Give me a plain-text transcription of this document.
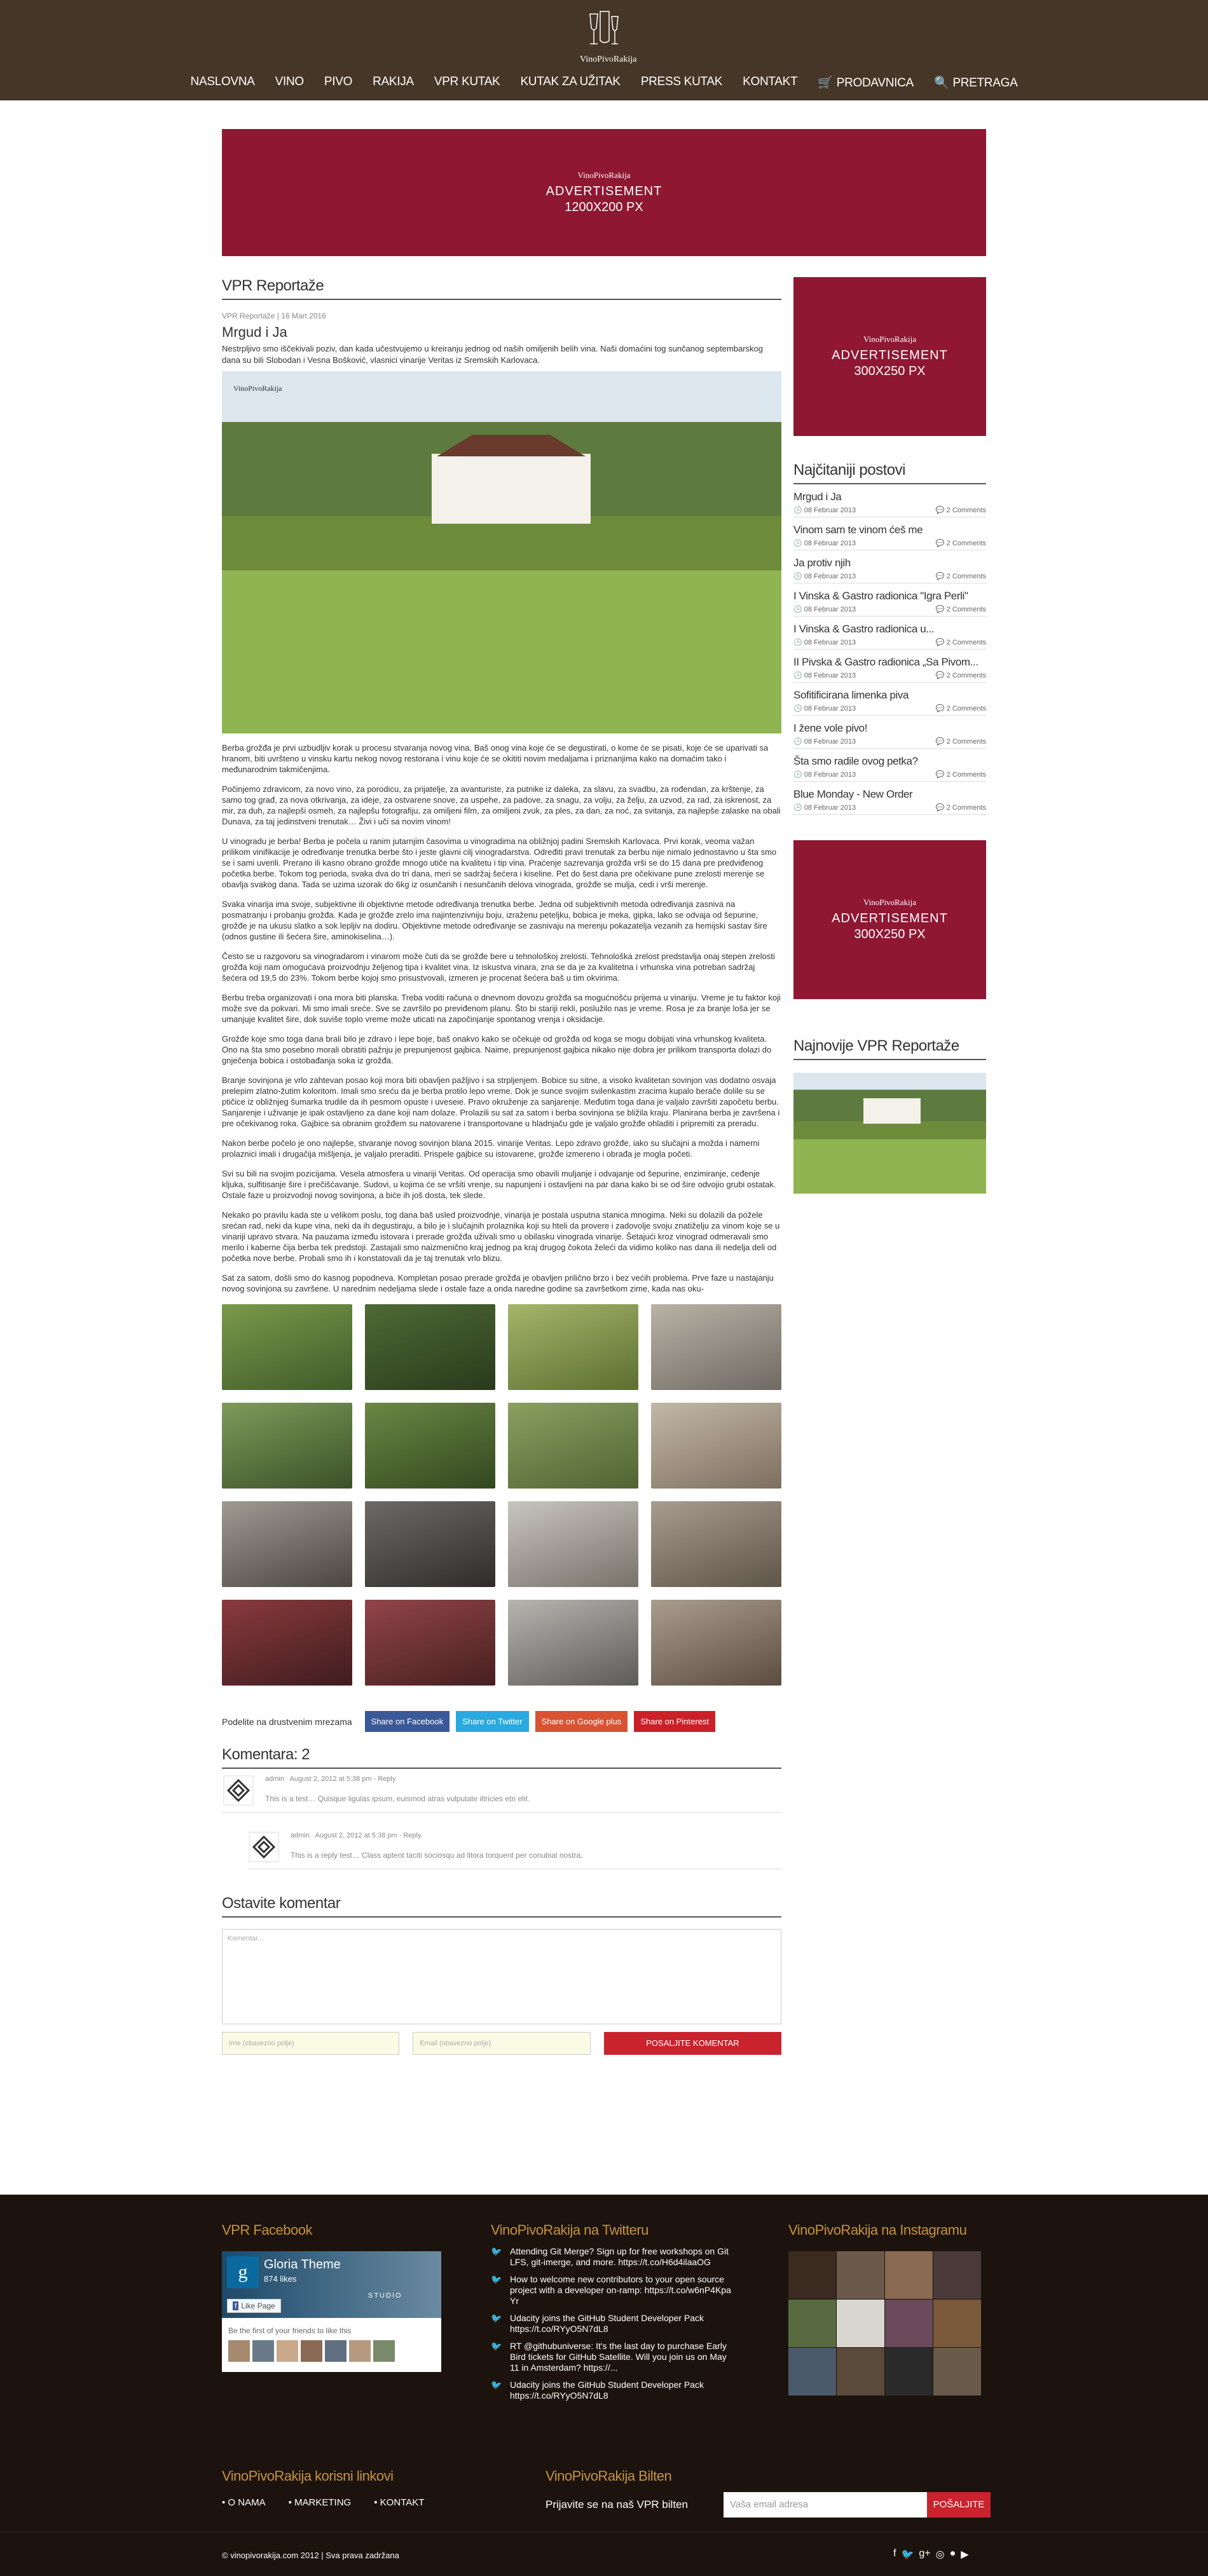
VinoPivoRakija
NASLOVNA	VINO	PIVO	RAKIJA	VPR KUTAK	KUTAK ZA UŽITAK	PRESS KUTAK	KONTAKT	🛒 PRODAVNICA	🔍 PRETRAGA
VinoPivoRakija
ADVERTISEMENT
1200X200 PX
VPR Reportaže
VPR Reportaže | 16 Mart 2016
Mrgud i Ja
Nestrpljivo smo iščekivali poziv, dan kada učestvujemo u kreiranju jednog od naših omiljenih belih vina. Naši domaćini tog sunčanog septembarskog dana su bili Slobodan i Vesna Bošković, vlasnici vinarije Veritas iz Sremskih Karlovaca.
VinoPivoRakija

Berba grožđa je prvi uzbudljiv korak u procesu stvaranja novog vina. Baš onog vina koje će se degustirati, o kome će se pisati, koje će se uparivati sa hranom, biti uvršteno u vinsku kartu nekog novog restorana i vinu koje će se okititi novim medaljama i priznanjima kako na domaćim tako i međunarodnim takmičenjima.

Počinjemo zdravicom, za novo vino, za porodicu, za prijatelje, za avanturiste, za putnike iz daleka, za slavu, za svadbu, za rođendan, za krštenje, za samo tog građ, za nova otkrivanja, za ideje, za ostvarene snove, za uspehe, za padove, za snagu, za volju, za želju, za uzvod, za rad, za iskrenost, za mir, za duh, za najlepši osmeh, za najlepšu fotografiju, za omiljeni film, za omiljeni zvuk, za ples, za dan, za noć, za svitanja, za najlepše zalaske na obali Dunava, za taj jedinstveni trenutak… Živi i uči sa novim vinom!

U vinogradu je berba! Berba je počela u ranim jutarnjim časovima u vinogradima na obližnjoj padini Sremskih Karlovaca. Prvi korak, veoma važan prilikom vinifikacije je određivanje trenutka berbe što i jeste glavni cilj vinogradarstva. Određiti pravi trenutak za berbu nije nimalo jednostavno u šta smo se i sami uverili. Preranо ili kasno obrano grožđe mnogo utiče na kvalitetu i tip vina. Praćenje sazrevanja grožđa vrši se do 15 dana pre predviđenog početka berbe. Tokom tog perioda, svaka dva do tri dana, meri se sadržaj šećera i kiseline. Pet do šest dana pre očekivane pune zrelosti merenje se obavlja svakog dana. Tada se uzima uzorak do 6kg iz osunčanih i nesunčanih delova vinograda, grožđe se muljа, cedi i vrši merenje.

Svaka vinarija ima svoje, subjektivne ili objektivne metode određivanja trenutka berbe. Jedna od subjektivnih metoda određivanja zasniva na posmatranju i probanju grožđa. Kada je grožđe zrelo ima najintenzivniju boju, izraženu peteljku, bobica je meka, gipka, lako se odvaja od šepurine, grožđe je na ukusu slatko a sok lepljiv na dodiru. Objektivne metode određivanje se zasnivaju na merenju pokazatelja vezanih za hemijski sastav šire (odnos gustine ili šećera šire, aminokiselina…).

Često se u razgovoru sa vinogradarom i vinarom može čuti da se grožđe bere u tehnološkoj zrelosti. Tehnološka zrelost predstavlja onaj stepen zrelosti grožđa koji nam omogućava proizvodnju željenog tipa i kvalitet vina. Iz iskustva vinara, zna se da je za kvalitetna i vrhunska vina potreban sadržaj šećera od 19,5 do 23%. Tokom berbe kojoj smo prisustvovali, izmeren je procenat šećera baš u tim okvirima.

Berbu treba organizovati i ona mora biti planska. Treba voditi računa o dnevnom dovozu grožđa sa mogućnošću prijema u vinariju. Vreme je tu faktor koji može sve da pokvari. Mi smo imali sreće. Sve se završilo po previđenom planu. Što bi stariji rekli, poslužilo nas je vreme. Rosa je za branje loša jer se umanjuje kvalitet šire, dok suviše toplo vreme može uticati na započinjanje spontanog vrenja i oksidacije.

Grožđe koje smo toga dana brali bilo je zdravo i lepe boje, baš onakvo kako se očekuje od grožđa od koga se mogu dobijati vina vrhunskog kvaliteta. Ono na šta smo posebno morali obratiti pažnju je prepunjenost gajbica. Naime, prepunjenost gajbica nikako nije dobra jer prilikom transporta dolazi do gnječenja bobica i ostobađanja soka iz grožđa.

Branje sovinjona je vrlo zahtevan posao koji mora biti obavljen pažljivo i sa strpljenjem. Bobice su sitne, a visoko kvalitetan sovinjon vas dodatno osvaja prelepim zlatno-žutim koloritom. Imali smo sreću da je berba protilo lepo vreme. Dok je sunce svojim svilenkastim zracima kupalo berače dolile su se ptičice iz obližnjeg šumarka trudile da ih pesmom opuste i uveseie. Pravo okruženje za sanjarenje. Međutim toga dana je valjalo završiti započetu berbu. Sanjarenje i uživanje je ipak ostavljeno za dane koji nam dolaze. Prolazili su sat za satom i berba sovinjona se bližila kraju. Planirana berba je završena i pre očekivanog roka. Gajbice sa obranim grožđem su natovarene i transportovane u hladnjaču gde je valjalo grožđe ohladiti i pripremiti za preradu.

Nakon berbe počelo je ono najlepše, stvaranje novog sovinjon blana 2015. vinarije Veritas. Lepo zdravo grožđe, iako su slučajni a možda i namerni prolaznici imali i drugačija mišljenja, je valjalo preraditi. Prispele gajbice su istovarene, grožđe izmereno i obrađa je mogla početi.

Svi su bili na svojim pozicijama. Vesela atmosfera u vinariji Veritas. Od operacija smo obavili muljanje i odvajanje od šepurine, enzimiranje, ceđenje kljuka, sulfitisanje šire i prečišćavanje. Sudovi, u kojima će se vršiti vrenje, su napunjeni i ostavljeni na par dana kako bi se od šire odvojio grubi ostatak. Ostale faze u proizvodnji novog sovinjona, a biće ih još dosta, tek slede.

Nekako po pravilu kada ste u velikom poslu, tog dana baš usled proizvodnje, vinarija je postala usputna stanica mnogima. Neki su dolazili da požele srećan rad, neki da kupe vina, neki da ih degustiraju, a bilo je i slučajnih prolaznika koji su hteli da provere i zadovolje svoju znatiželju za vinom koje se u vinariji upravo stvara. Na pauzama između istovara i prerade grožđa uživali smo u obilasku vinogradа vinarije. Šetajući kroz vinograd odmeravali smo merilo i kaberne čija berba tek predstoji. Zastajali smo naizmenično kraj jednog pa kraj drugog čokota želeći da vidimo koliko nas dana ili nedelja deli od početka nove berbe. Probali smo ih i konstatovali da je taj trenutak vrlo blizu.

Sat za satom, došli smo do kasnog popodneva. Kompletan posao prerade grožđa je obavljen prilično brzo i bez većih problema. Prve faze u nastajanju novog sovinjona su završene. U narednim nedeljama slede i ostale faze a onda naredne godine sa završetkom zime, kada nas oku-

Podelite na drustvenim mrezama	Share on Facebook	Share on Twitter	Share on Google plus	Share on Pinterest
Komentara: 2
admin August 2, 2012 at 5:38 pm - Reply
This is a test… Quisque ligulas ipsum, euismod atras vulputate iltricies etri elit.
admin August 2, 2012 at 5:38 pm - Reply
This is a reply test… Class aptent taciti sociosqu ad litora torquent per conubial nostra.
Ostavite komentar
Komentar...
Ime (obavezno polje)	Email (obavezno polje)	POSALJITE KOMENTAR
VinoPivoRakija
ADVERTISEMENT
300X250 PX
Najčitaniji postovi
Mrgud i Ja
🕒 08 Februar 2013	💬 2 Comments
Vinom sam te vinom ćeš me
🕒 08 Februar 2013	💬 2 Comments
Ja protiv njih
🕒 08 Februar 2013	💬 2 Comments
I Vinska & Gastro radionica "Igra Perli"
🕒 08 Februar 2013	💬 2 Comments
I Vinska & Gastro radionica u...
🕒 08 Februar 2013	💬 2 Comments
II Pivska & Gastro radionica „Sa Pivom...
🕒 08 Februar 2013	💬 2 Comments
Sofitificirana limenka piva
🕒 08 Februar 2013	💬 2 Comments
I žene vole pivo!
🕒 08 Februar 2013	💬 2 Comments
Šta smo radile ovog petka?
🕒 08 Februar 2013	💬 2 Comments
Blue Monday - New Order
🕒 08 Februar 2013	💬 2 Comments
VinoPivoRakija
ADVERTISEMENT
300X250 PX
Najnovije VPR Reportaže
VPR Facebook
g	Gloria Theme
874 likes
STUDIO
f Like Page
Be the first of your friends to like this
VinoPivoRakija na Twitteru
🐦 Attending Git Merge? Sign up for free workshops on Git LFS, git-imerge, and more. https://t.co/H6d4ilaaOG
🐦 How to welcome new contributors to your open source project with a developer on-ramp: https://t.co/w6nP4Kpa Yr
🐦 Udacity joins the GitHub Student Developer Pack https://t.co/RYyO5N7dL8
🐦 RT @githubuniverse: It's the last day to purchase Early Bird tickets for GitHub Satellite. Will you join us on May 11 in Amsterdam? https://...
🐦 Udacity joins the GitHub Student Developer Pack https://t.co/RYyO5N7dL8
VinoPivoRakija na Instagramu
VinoPivoRakija korisni linkovi
• O NAMA	• MARKETING	• KONTAKT
VinoPivoRakija Bilten
Prijavite se na naš VPR bilten	Vaša email adresa	POŠALJITE
© vinopivorakija.com 2012 | Sva prava zadržana	f 🐦 g+ ◎ ● ▶
